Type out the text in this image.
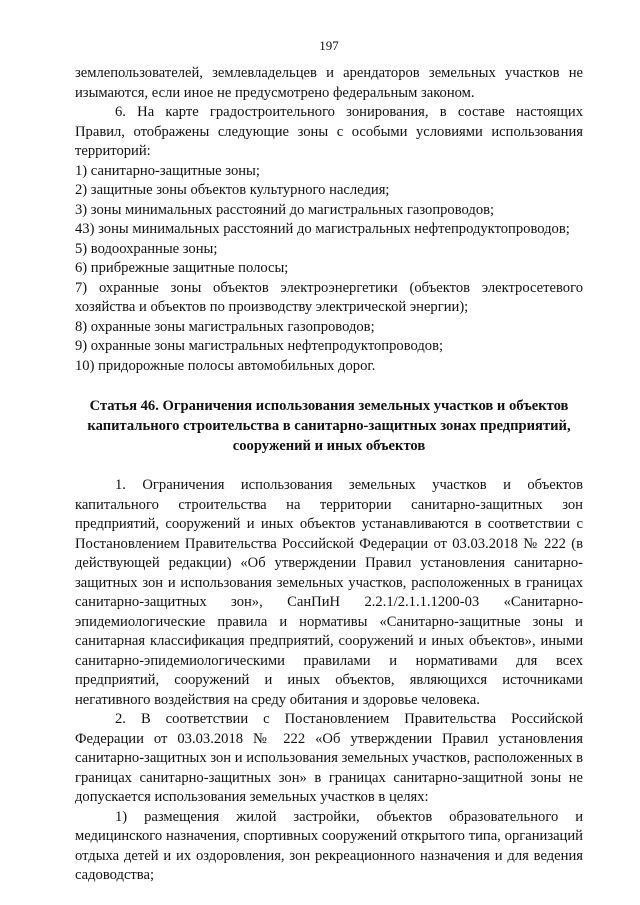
197

землепользователей, землевладельцев и арендаторов земельных участков не изымаются, если иное не предусмотрено федеральным законом.

6. На карте градостроительного зонирования, в составе настоящих Правил, отображены следующие зоны с особыми условиями использования территорий:

1) санитарно-защитные зоны;
2) защитные зоны объектов культурного наследия;
3) зоны минимальных расстояний до магистральных газопроводов;
43) зоны минимальных расстояний до магистральных нефтепродуктопроводов;
5) водоохранные зоны;
6) прибрежные защитные полосы;
7) охранные зоны объектов электроэнергетики (объектов электросетевого хозяйства и объектов по производству электрической энергии);
8) охранные зоны магистральных газопроводов;
9) охранные зоны магистральных нефтепродуктопроводов;
10) придорожные полосы автомобильных дорог.
Статья 46. Ограничения использования земельных участков и объектов
капитального строительства в санитарно-защитных зонах предприятий,
сооружений и иных объектов

1. Ограничения использования земельных участков и объектов капитального строительства на территории санитарно-защитных зон предприятий, сооружений и иных объектов устанавливаются в соответствии с Постановлением Правительства Российской Федерации от 03.03.2018 № 222 (в действующей редакции) «Об утверждении Правил установления санитарно-защитных зон и использования земельных участков, расположенных в границах санитарно-защитных зон», СанПиН 2.2.1/2.1.1.1200-03 «Санитарно-эпидемиологические правила и нормативы «Санитарно-защитные зоны и санитарная классификация предприятий, сооружений и иных объектов», иными санитарно-эпидемиологическими правилами и нормативами для всех предприятий, сооружений и иных объектов, являющихся источниками негативного воздействия на среду обитания и здоровье человека.

2. В соответствии с Постановлением Правительства Российской Федерации от 03.03.2018 № 222 «Об утверждении Правил установления санитарно-защитных зон и использования земельных участков, расположенных в границах санитарно-защитных зон» в границах санитарно-защитной зоны не допускается использования земельных участков в целях:

1) размещения жилой застройки, объектов образовательного и медицинского назначения, спортивных сооружений открытого типа, организаций отдыха детей и их оздоровления, зон рекреационного назначения и для ведения садоводства;
